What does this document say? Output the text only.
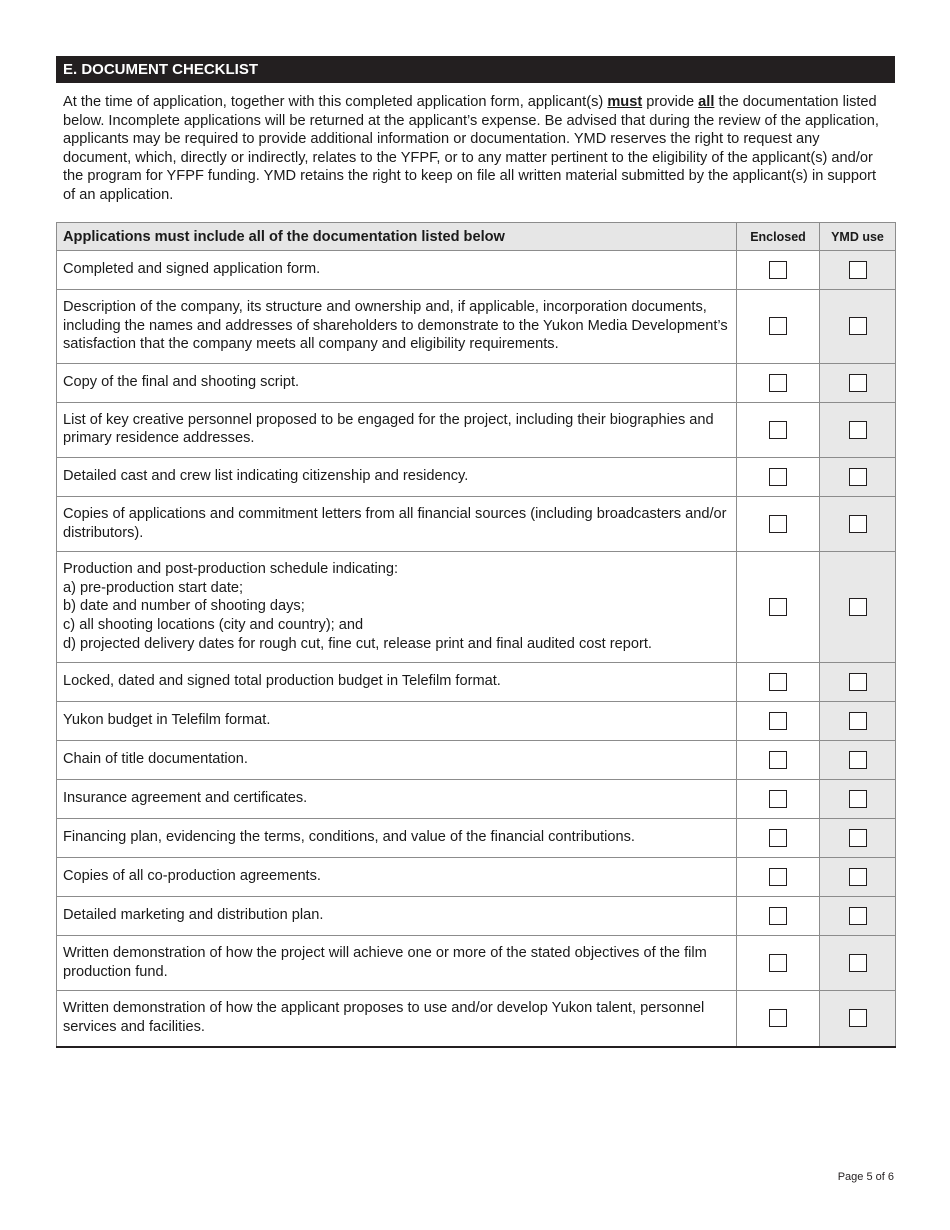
E. DOCUMENT CHECKLIST

At the time of application, together with this completed application form, applicant(s) must provide all the documentation listed below. Incomplete applications will be returned at the applicant’s expense. Be advised that during the review of the application, applicants may be required to provide additional information or documentation. YMD reserves the right to request any document, which, directly or indirectly, relates to the YFPF, or to any matter pertinent to the eligibility of the applicant(s) and/or the program for YFPF funding. YMD retains the right to keep on file all written material submitted by the applicant(s) in support of an application.

Applications must include all of the documentation listed below	Enclosed	YMD use
Completed and signed application form.		
Description of the company, its structure and ownership and, if applicable, incorporation documents, including the names and addresses of shareholders to demonstrate to the Yukon Media Development’s satisfaction that the company meets all company and eligibility requirements.		
Copy of the final and shooting script.		
List of key creative personnel proposed to be engaged for the project, including their biographies and primary residence addresses.		
Detailed cast and crew list indicating citizenship and residency.		
Copies of applications and commitment letters from all financial sources (including broadcasters and/or distributors).		
Production and post-production schedule indicating:
a) pre-production start date;
b) date and number of shooting days;
c) all shooting locations (city and country); and
d) projected delivery dates for rough cut, fine cut, release print and final audited cost report.		
Locked, dated and signed total production budget in Telefilm format.		
Yukon budget in Telefilm format.		
Chain of title documentation.		
Insurance agreement and certificates.		
Financing plan, evidencing the terms, conditions, and value of the financial contributions.		
Copies of all co-production agreements.		
Detailed marketing and distribution plan.		
Written demonstration of how the project will achieve one or more of the stated objectives of the film production fund.		
Written demonstration of how the applicant proposes to use and/or develop Yukon talent, personnel services and facilities.		
Page 5 of 6
